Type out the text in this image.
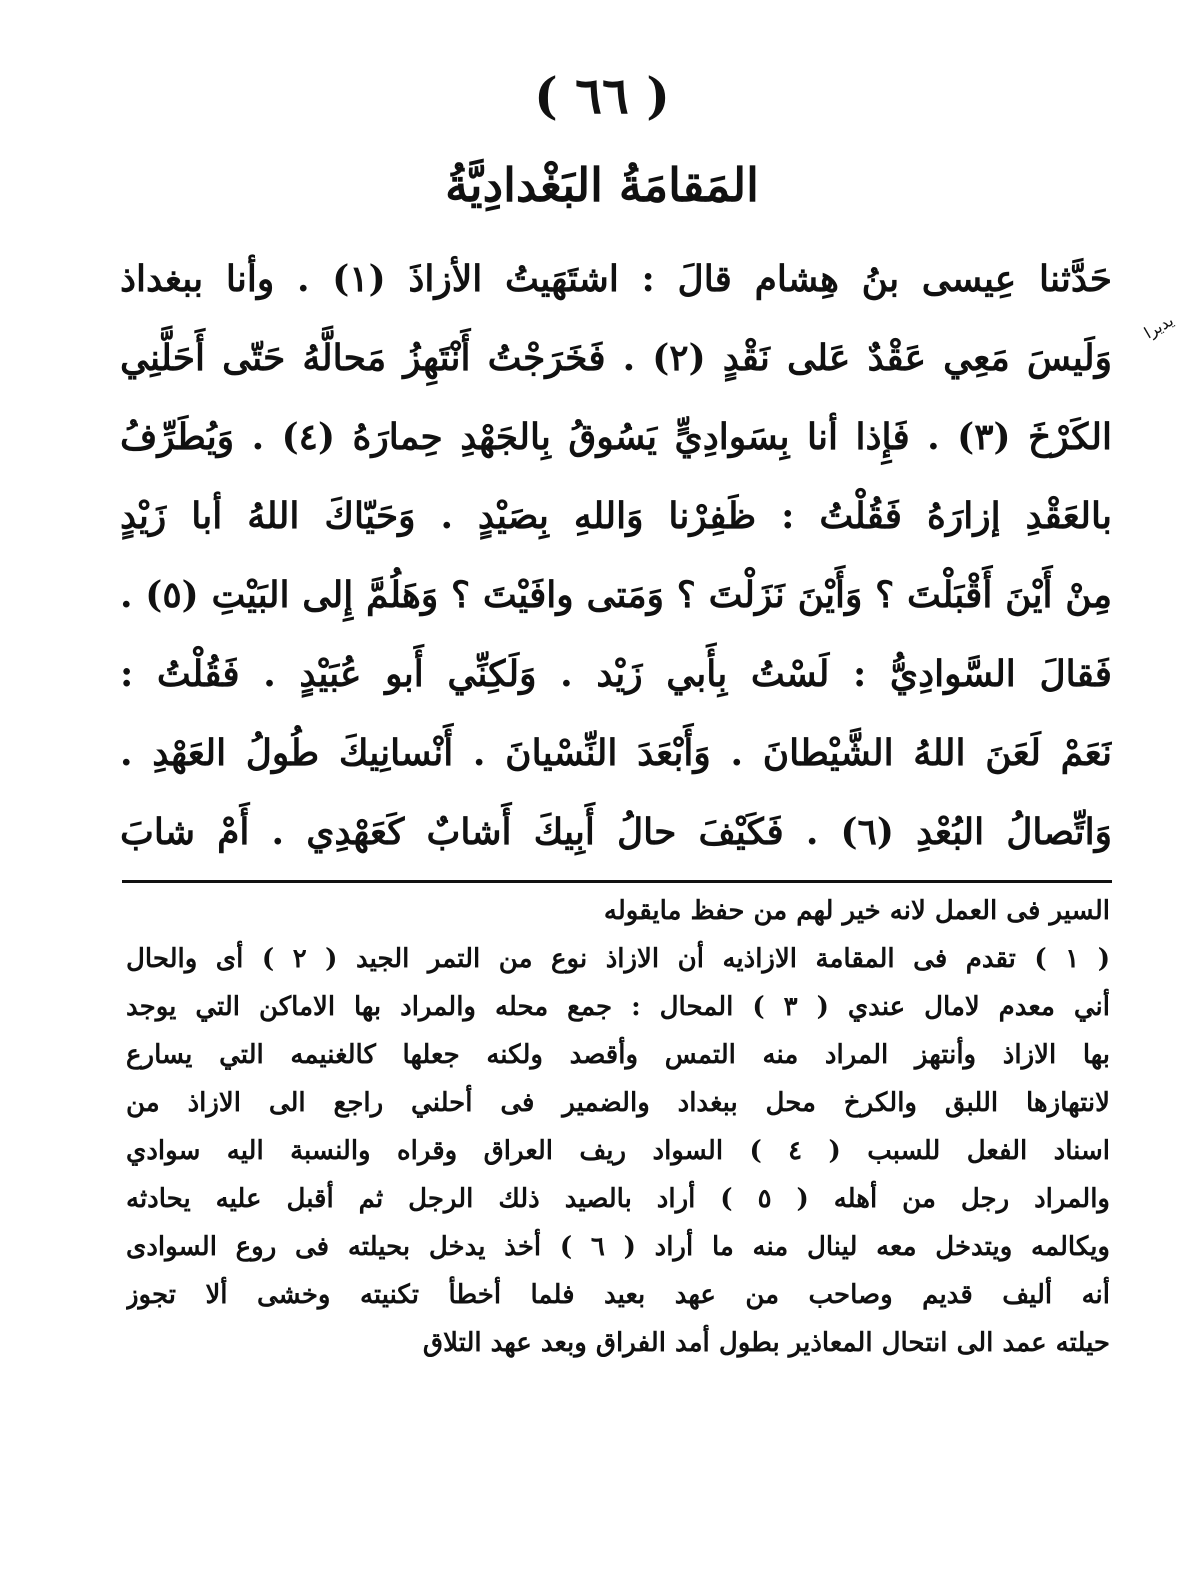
( ٦٦ )
المَقامَةُ البَغْدادِيَّةُ
يديرا
حَدَّثنا عِيسى بنُ هِشام قالَ : اشتَهَيتُ الأزاذَ (١) . وأنا ببغداذ
وَلَيسَ مَعِي عَقْدٌ عَلى نَقْدٍ (٢) . فَخَرَجْتُ أَنْتَهِزُ مَحالَّهُ حَتّى أَحَلَّنِي
الكَرْخَ (٣) . فَإِذا أنا بِسَوادِيٍّ يَسُوقُ بِالجَهْدِ حِمارَهُ (٤) . وَيُطَرِّفُ
بالعَقْدِ إزارَهُ فَقُلْتُ : ظَفِرْنا وَاللهِ بِصَيْدٍ . وَحَيّاكَ اللهُ أبا زَيْدٍ
مِنْ أَيْنَ أَقْبَلْتَ ؟ وَأَيْنَ نَزَلْتَ ؟ وَمَتى وافَيْتَ ؟ وَهَلُمَّ إِلى البَيْتِ (٥) .
فَقالَ السَّوادِيُّ : لَسْتُ بِأَبي زَيْد . وَلَكِنِّي أَبو عُبَيْدٍ . فَقُلْتُ :
نَعَمْ لَعَنَ اللهُ الشَّيْطانَ . وَأَبْعَدَ النِّسْيانَ . أَنْسانِيكَ طُولُ العَهْدِ .
وَاتِّصالُ البُعْدِ (٦) . فَكَيْفَ حالُ أَبِيكَ أَشابٌ كَعَهْدِي . أَمْ شابَ
السير فى العمل لانه خير لهم من حفظ مايقوله
( ١ ) تقدم فى المقامة الازاذيه أن الازاذ نوع من التمر الجيد ( ٢ ) أى والحال
أني معدم لامال عندي ( ٣ ) المحال : جمع محله والمراد بها الاماكن التي يوجد
بها الازاذ وأنتهز المراد منه التمس وأقصد ولكنه جعلها كالغنيمه التي يسارع
لانتهازها اللبق والكرخ محل ببغداد والضمير فى أحلني راجع الى الازاذ من
اسناد الفعل للسبب ( ٤ ) السواد ريف العراق وقراه والنسبة اليه سوادي
والمراد رجل من أهله ( ٥ ) أراد بالصيد ذلك الرجل ثم أقبل عليه يحادثه
ويكالمه ويتدخل معه لينال منه ما أراد ( ٦ ) أخذ يدخل بحيلته فى روع السوادى
أنه أليف قديم وصاحب من عهد بعيد فلما أخطأ تكنيته وخشى ألا تجوز
حيلته عمد الى انتحال المعاذير بطول أمد الفراق وبعد عهد التلاق
